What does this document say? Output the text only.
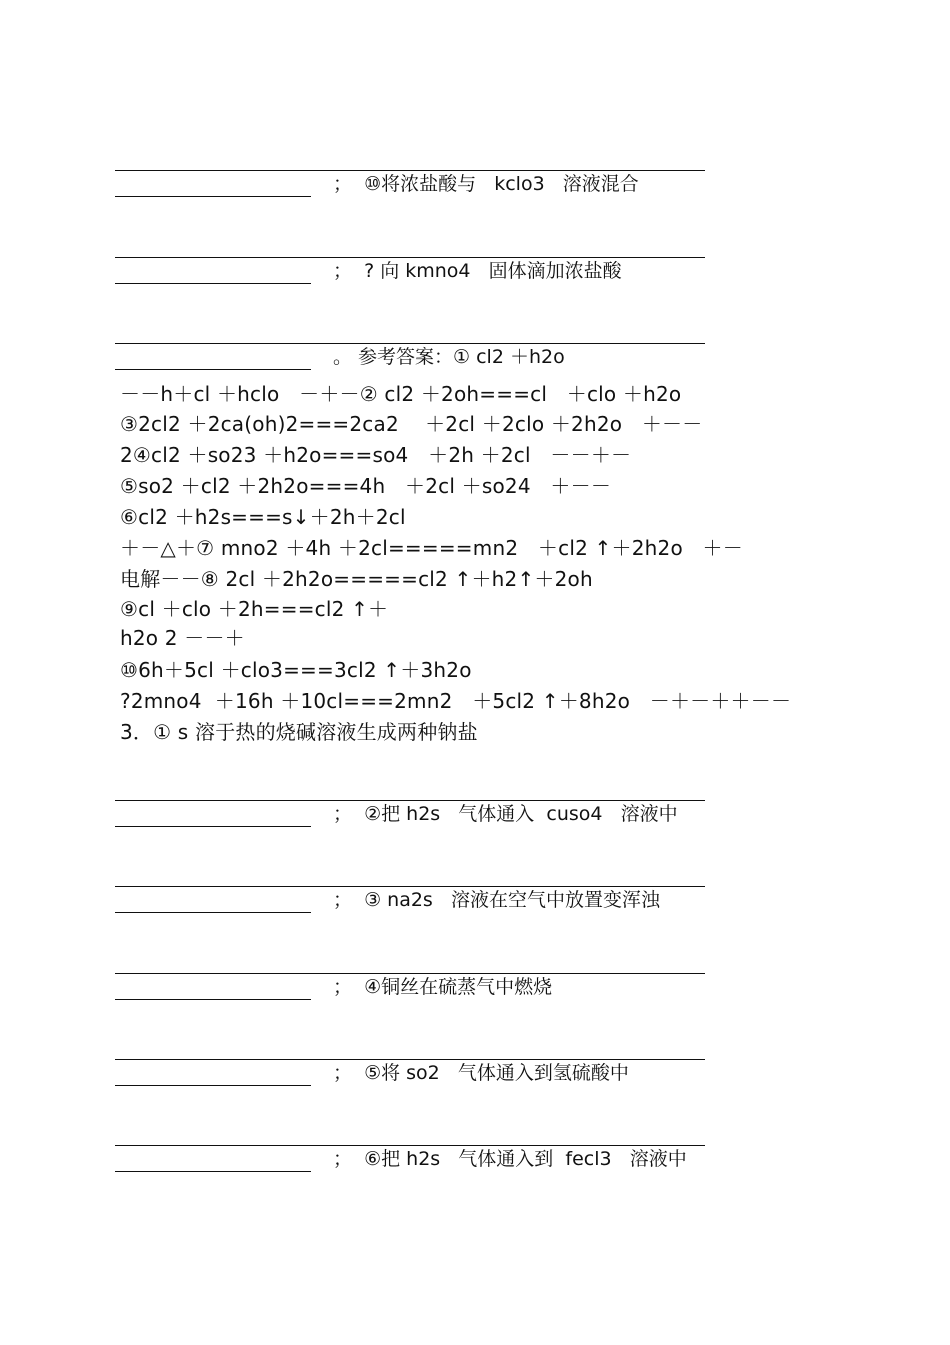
；  ⑩将浓盐酸与   kclo3   溶液混合
；  ? 向 kmno4   固体滴加浓盐酸
。 参考答案：① cl2 ＋h2o
－－h＋cl ＋hclo   －＋－② cl2 ＋2oh===cl   ＋clo ＋h2o
③2cl2 ＋2ca(oh)2===2ca2    ＋2cl ＋2clo ＋2h2o   ＋－－
2④cl2 ＋so23 ＋h2o===so4   ＋2h ＋2cl   －－＋－
⑤so2 ＋cl2 ＋2h2o===4h   ＋2cl ＋so24   ＋－－
⑥cl2 ＋h2s===s↓＋2h＋2cl
＋－△＋⑦ mno2 ＋4h ＋2cl=====mn2   ＋cl2 ↑＋2h2o   ＋－
电解－－⑧ 2cl ＋2h2o=====cl2 ↑＋h2↑＋2oh
⑨cl ＋clo ＋2h===cl2 ↑＋
h2o 2 －－＋
⑩6h＋5cl ＋clo3===3cl2 ↑＋3h2o
?2mno4  ＋16h ＋10cl===2mn2   ＋5cl2 ↑＋8h2o   －＋－＋＋－－
3．① s 溶于热的烧碱溶液生成两种钠盐
；  ②把 h2s   气体通入  cuso4   溶液中
；  ③ na2s   溶液在空气中放置变浑浊
；  ④铜丝在硫蒸气中燃烧
；  ⑤将 so2   气体通入到氢硫酸中
；  ⑥把 h2s   气体通入到  fecl3   溶液中
